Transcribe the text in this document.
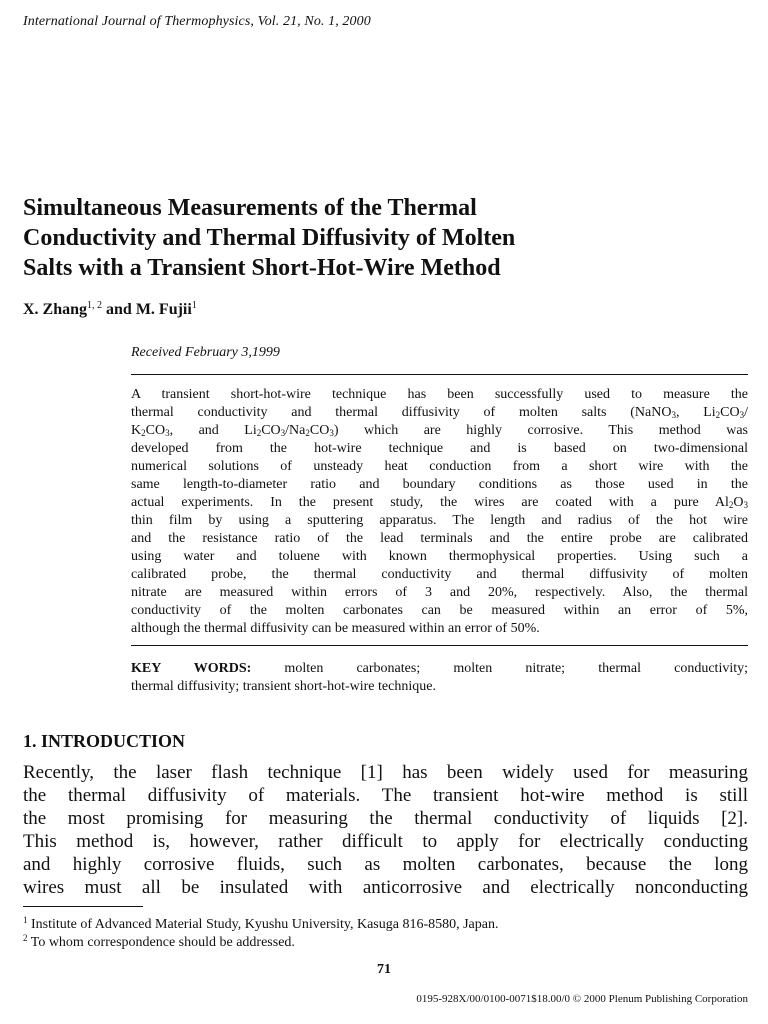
International Journal of Thermophysics, Vol. 21, No. 1, 2000
Simultaneous Measurements of the Thermal
Conductivity and Thermal Diffusivity of Molten
Salts with a Transient Short-Hot-Wire Method
X. Zhang$^{1, 2}$ and M. Fujii$^1$
Received February 3,1999

A transient short-hot-wire technique has been successfully used to measure the

thermal conductivity and thermal diffusivity of molten salts (NaNO$_3$, $Li_2CO_3/$

$K_2CO_3$, and $Li_2CO_3/Na_2CO_3$) which are highly corrosive. This method was

developed from the hot-wire technique and is based on two-dimensional

numerical solutions of unsteady heat conduction from a short wire with the

same length-to-diameter ratio and boundary conditions as those used in the

actual experiments. In the present study, the wires are coated with a pure $Al_2O_3$

thin film by using a sputtering apparatus. The length and radius of the hot wire

and the resistance ratio of the lead terminals and the entire probe are calibrated

using water and toluene with known thermophysical properties. Using such a

calibrated probe, the thermal conductivity and thermal diffusivity of molten

nitrate are measured within errors of 3 and 20%, respectively. Also, the thermal

conductivity of the molten carbonates can be measured within an error of 5%,

although the thermal diffusivity can be measured within an error of 50%.

KEY WORDS: molten carbonates; molten nitrate; thermal conductivity;

thermal diffusivity; transient short-hot-wire technique.

1. INTRODUCTION

Recently, the laser flash technique [1] has been widely used for measuring

the thermal diffusivity of materials. The transient hot-wire method is still

the most promising for measuring the thermal conductivity of liquids [2].

This method is, however, rather difficult to apply for electrically conducting

and highly corrosive fluids, such as molten carbonates, because the long

wires must all be insulated with anticorrosive and electrically nonconducting

$^1$ Institute of Advanced Material Study, Kyushu University, Kasuga 816-8580, Japan.
$^2$ To whom correspondence should be addressed.
71
0195-928X/00/0100-0071$18.00/0 © 2000 Plenum Publishing Corporation
